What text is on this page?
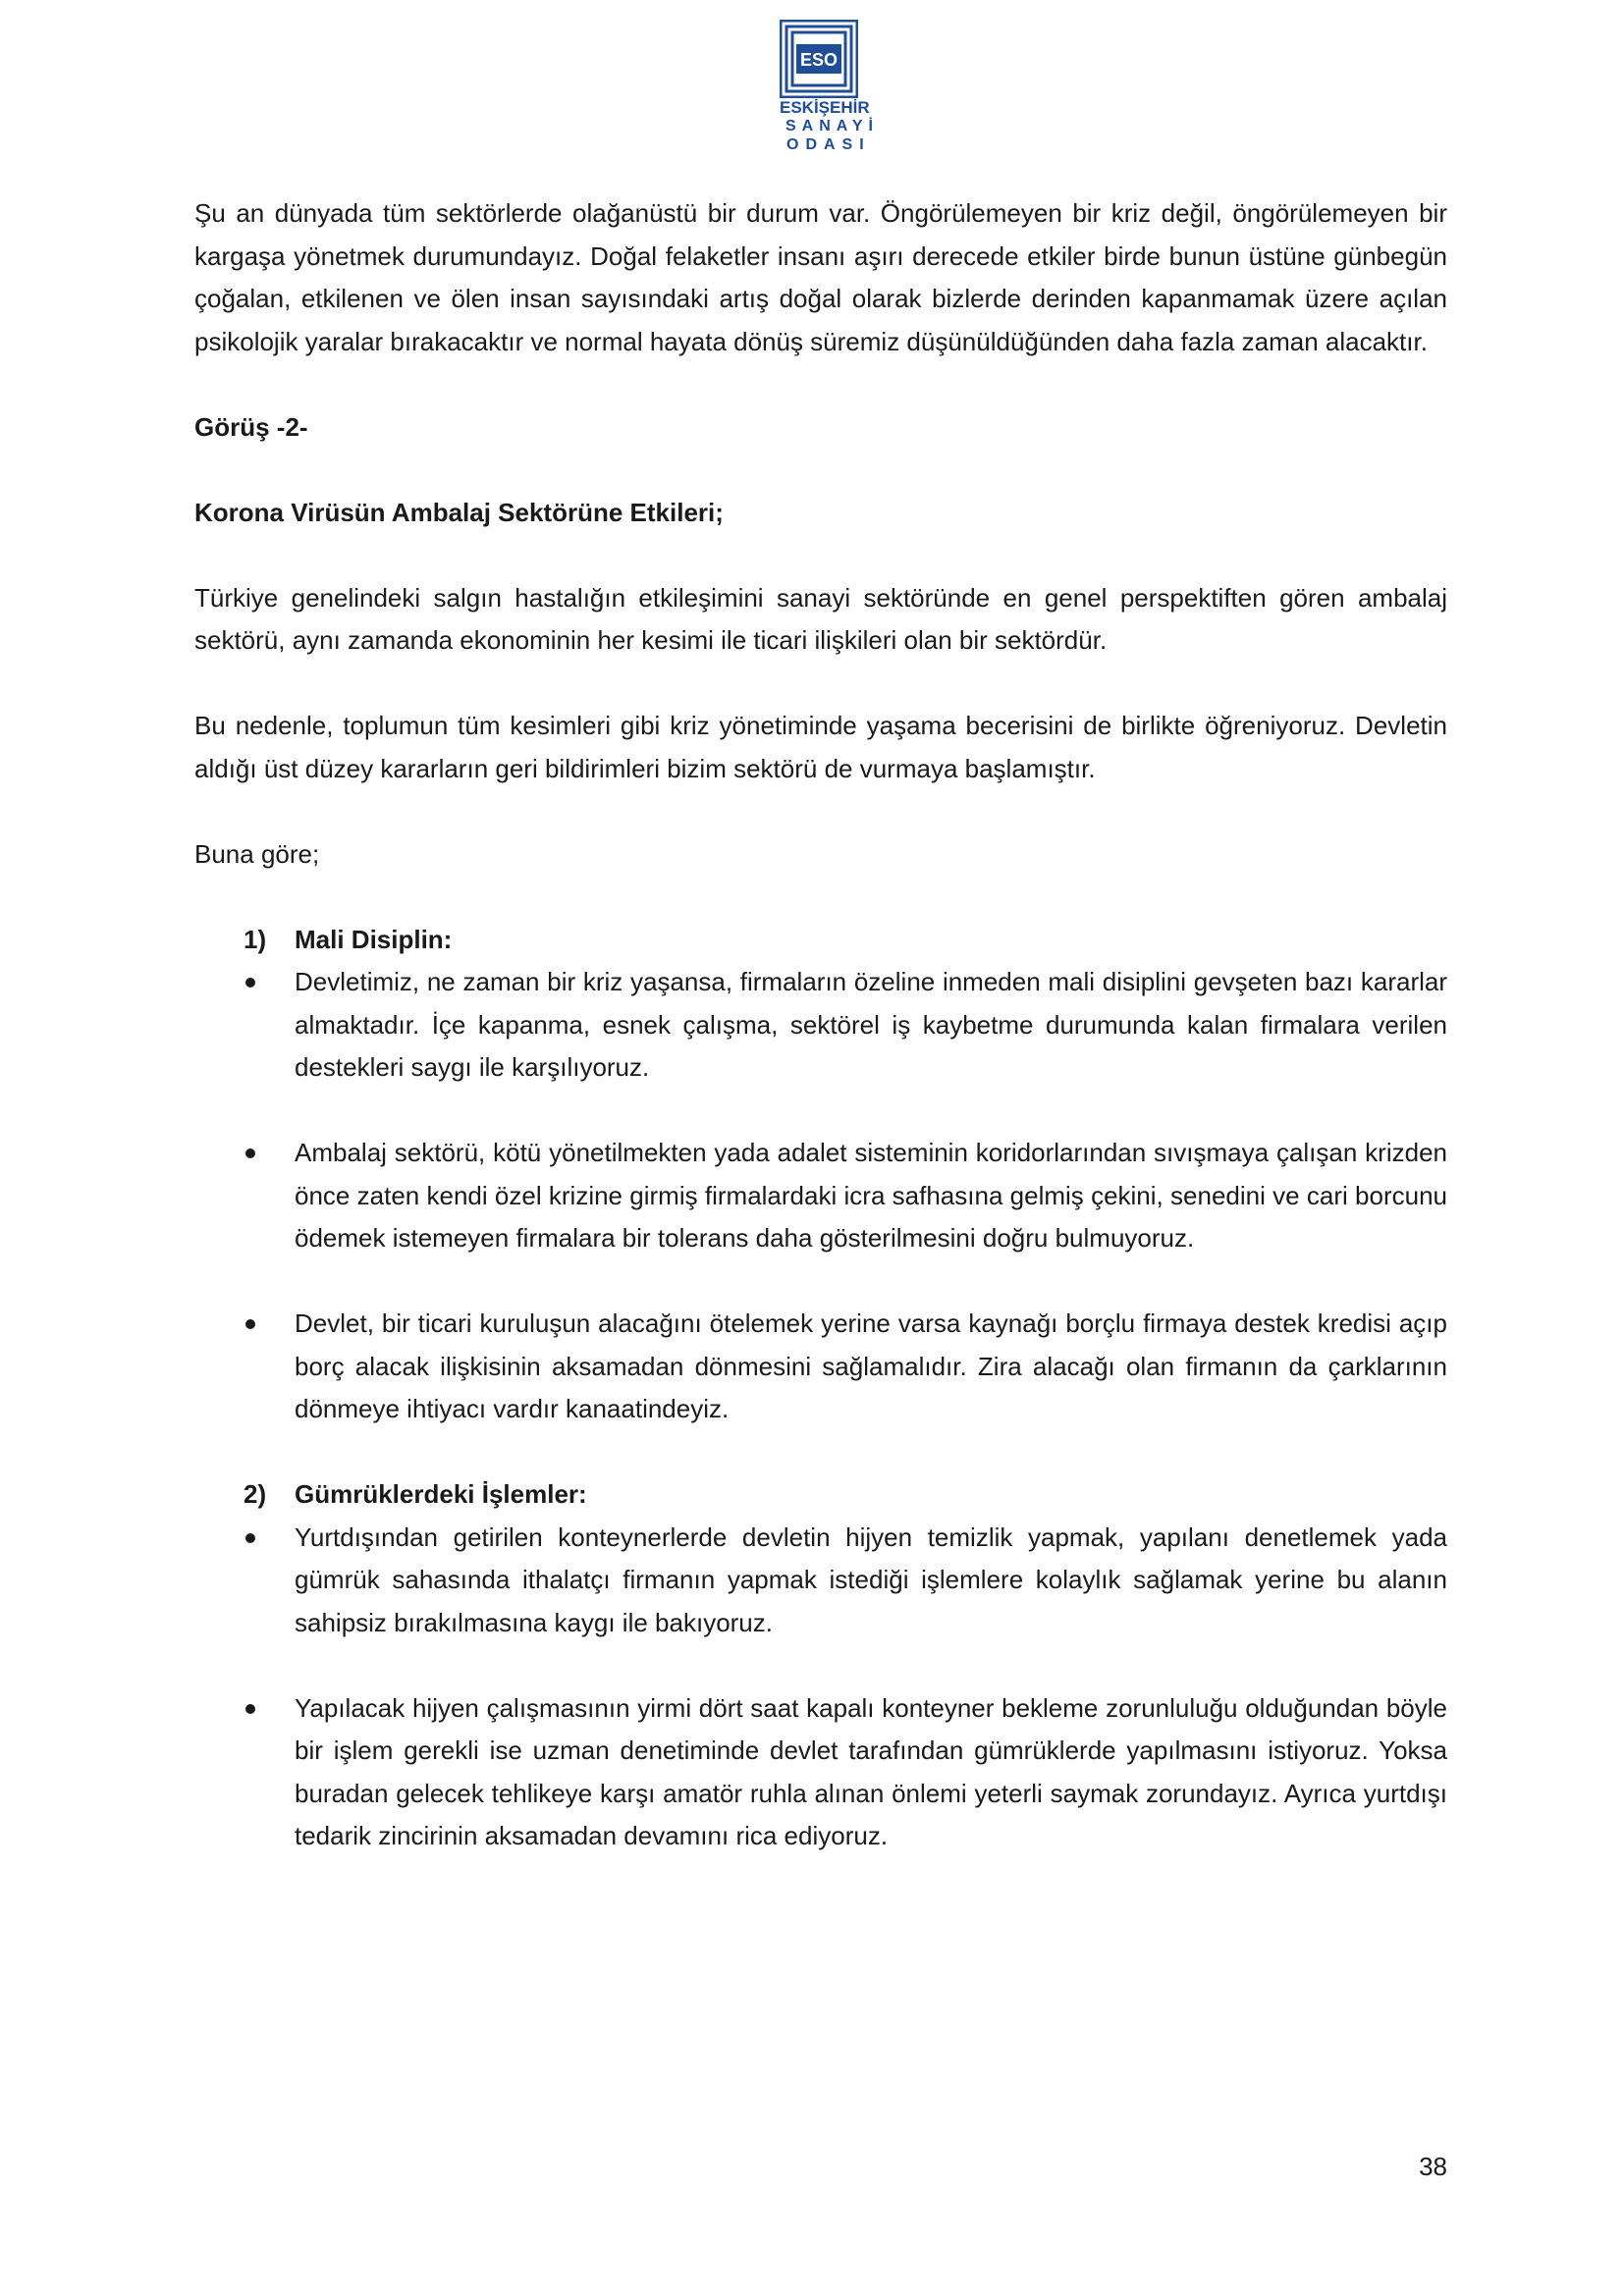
ESO
ESKİŞEHİR
SANAYİ
ODASI

Şu an dünyada tüm sektörlerde olağanüstü bir durum var. Öngörülemeyen bir kriz değil, öngörülemeyen bir kargaşa yönetmek durumundayız. Doğal felaketler insanı aşırı derecede etkiler birde bunun üstüne günbegün çoğalan, etkilenen ve ölen insan sayısındaki artış doğal olarak bizlerde derinden kapanmamak üzere açılan psikolojik yaralar bırakacaktır ve normal hayata dönüş süremiz düşünüldüğünden daha fazla zaman alacaktır.

Görüş -2-

Korona Virüsün Ambalaj Sektörüne Etkileri;

Türkiye genelindeki salgın hastalığın etkileşimini sanayi sektöründe en genel perspektiften gören ambalaj sektörü, aynı zamanda ekonominin her kesimi ile ticari ilişkileri olan bir sektördür.

Bu nedenle, toplumun tüm kesimleri gibi kriz yönetiminde yaşama becerisini de birlikte öğreniyoruz. Devletin aldığı üst düzey kararların geri bildirimleri bizim sektörü de vurmaya başlamıştır.

Buna göre;

1) Mali Disiplin:
Devletimiz, ne zaman bir kriz yaşansa, firmaların özeline inmeden mali disiplini gevşeten bazı kararlar almaktadır. İçe kapanma, esnek çalışma, sektörel iş kaybetme durumunda kalan firmalara verilen destekleri saygı ile karşılıyoruz.
Ambalaj sektörü, kötü yönetilmekten yada adalet sisteminin koridorlarından sıvışmaya çalışan krizden önce zaten kendi özel krizine girmiş firmalardaki icra safhasına gelmiş çekini, senedini ve cari borcunu ödemek istemeyen firmalara bir tolerans daha gösterilmesini doğru bulmuyoruz.
Devlet, bir ticari kuruluşun alacağını ötelemek yerine varsa kaynağı borçlu firmaya destek kredisi açıp borç alacak ilişkisinin aksamadan dönmesini sağlamalıdır. Zira alacağı olan firmanın da çarklarının dönmeye ihtiyacı vardır kanaatindeyiz.
2) Gümrüklerdeki İşlemler:
Yurtdışından getirilen konteynerlerde devletin hijyen temizlik yapmak, yapılanı denetlemek yada gümrük sahasında ithalatçı firmanın yapmak istediği işlemlere kolaylık sağlamak yerine bu alanın sahipsiz bırakılmasına kaygı ile bakıyoruz.
Yapılacak hijyen çalışmasının yirmi dört saat kapalı konteyner bekleme zorunluluğu olduğundan böyle bir işlem gerekli ise uzman denetiminde devlet tarafından gümrüklerde yapılmasını istiyoruz. Yoksa buradan gelecek tehlikeye karşı amatör ruhla alınan önlemi yeterli saymak zorundayız. Ayrıca yurtdışı tedarik zincirinin aksamadan devamını rica ediyoruz.
38
